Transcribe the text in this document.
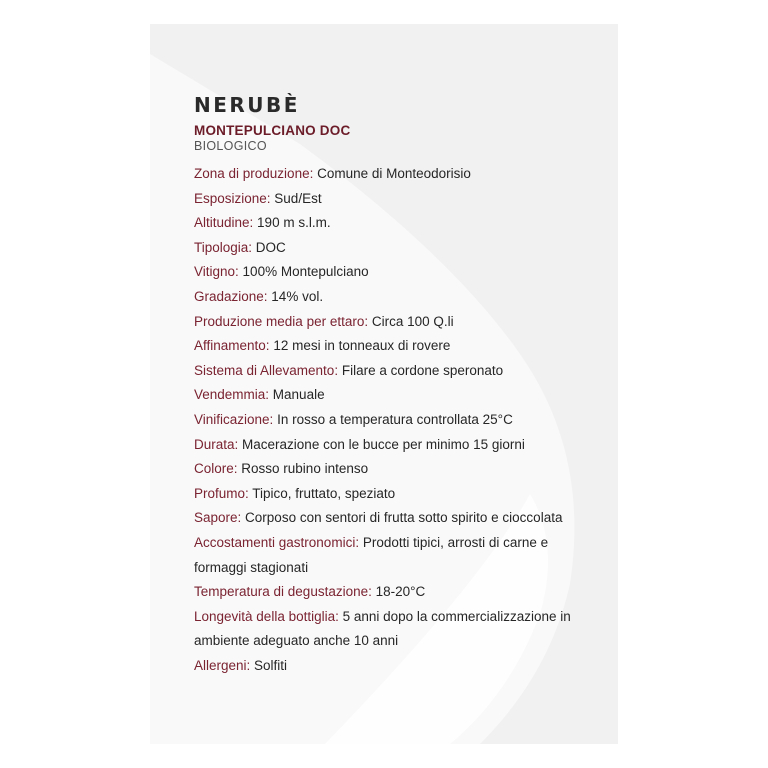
NERUBÈ
MONTEPULCIANO DOC
BIOLOGICO
Zona di produzione: Comune di Monteodorisio
Esposizione: Sud/Est
Altitudine: 190 m s.l.m.
Tipologia: DOC
Vitigno: 100% Montepulciano
Gradazione: 14% vol.
Produzione media per ettaro: Circa 100 Q.li
Affinamento: 12 mesi in tonneaux di rovere
Sistema di Allevamento: Filare a cordone speronato
Vendemmia: Manuale
Vinificazione: In rosso a temperatura controllata 25°C
Durata: Macerazione con le bucce per minimo 15 giorni
Colore: Rosso rubino intenso
Profumo: Tipico, fruttato, speziato
Sapore: Corposo con sentori di frutta sotto spirito e cioccolata
Accostamenti gastronomici: Prodotti tipici, arrosti di carne e formaggi stagionati
Temperatura di degustazione: 18-20°C
Longevità della bottiglia: 5 anni dopo la commercializzazione in ambiente adeguato anche 10 anni
Allergeni: Solfiti
